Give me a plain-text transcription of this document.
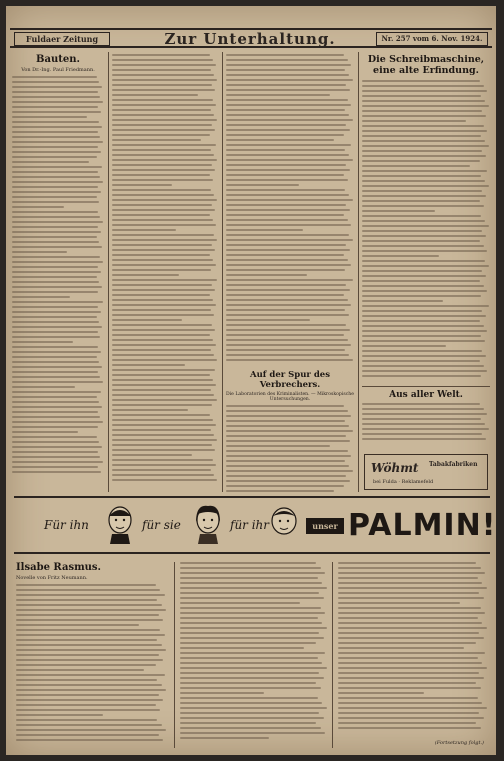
Fuldaer Zeitung	Zur Unterhaltung.	Nr. 257 vom 6. Nov. 1924.
Bauten.
Von Dr.-Ing. Paul Friedmann.
Auf der Spur des Verbrechers.
Die Laboratorien des Kriminalisten. — Mikroskopische Untersuchungen.
Die Schreibmaschine, eine alte Erfindung.
Aus aller Welt.
Wöhmt Tabakfabriken
bei Fulda · Reklamefeld
Für ihn	für sie	für ihr	unser PALMIN!
Ilsabe Rasmus.
Novelle von Fritz Neumann.
(Fortsetzung folgt.)
